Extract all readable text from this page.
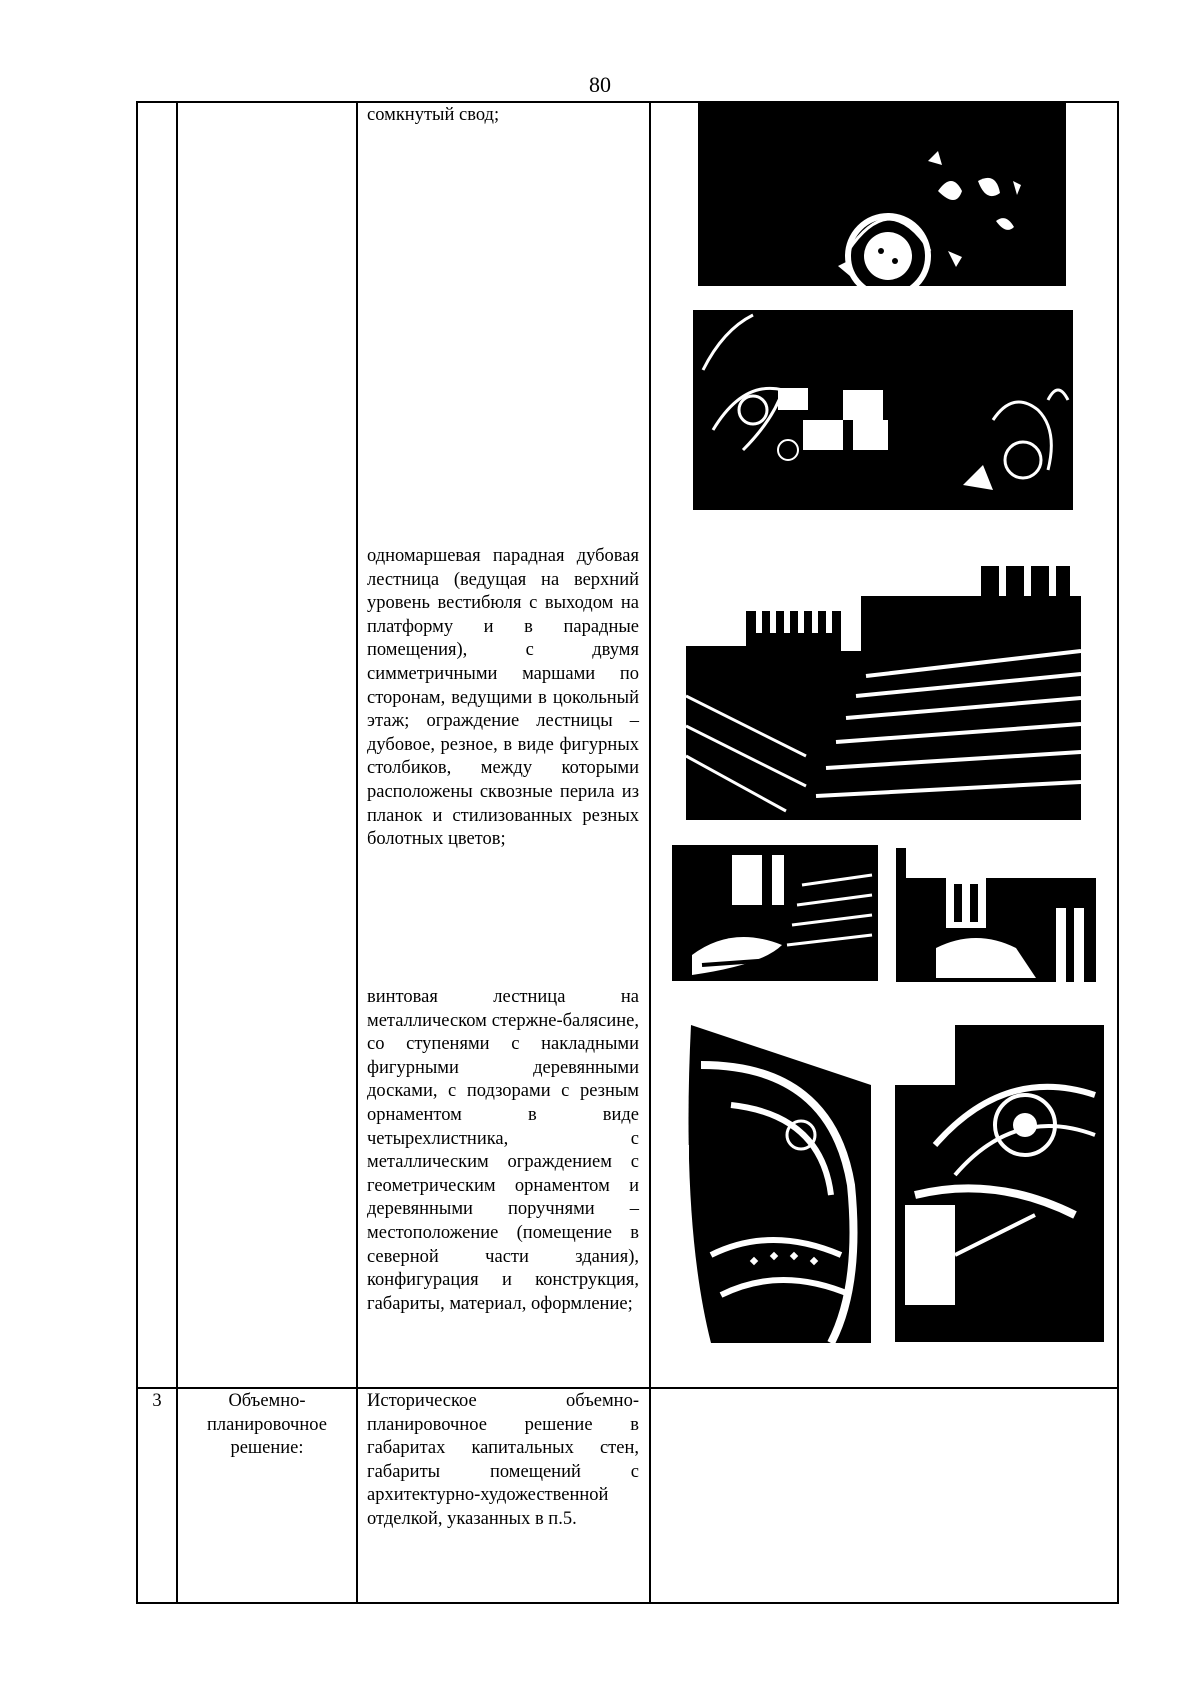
80

сомкнутый свод;

одномаршевая парадная дубовая лестница (ведущая на верхний уровень вестибюля с выходом на платформу и в парадные помещения), с двумя симметричными маршами по сторонам, ведущими в цокольный этаж; ограждение лестницы – дубовое, резное, в виде фигурных столбиков, между которыми расположены сквозные перила из планок и стилизованных резных болотных цветов;

винтовая лестница на металлическом стержне-балясине, со ступенями с накладными фигурными деревянными досками, с подзорами с резным орнаментом в виде четырехлистника, с металлическим ограждением с геометрическим орнаментом и деревянными поручнями – местоположение (помещение в северной части здания), конфигурация и конструкция, габариты, материал, оформление;

3	Объемно-планировочное решение:

Историческое объемно-планировочное решение в габаритах капитальных стен, габариты помещений с архитектурно-художественной отделкой, указанных в п.5.
